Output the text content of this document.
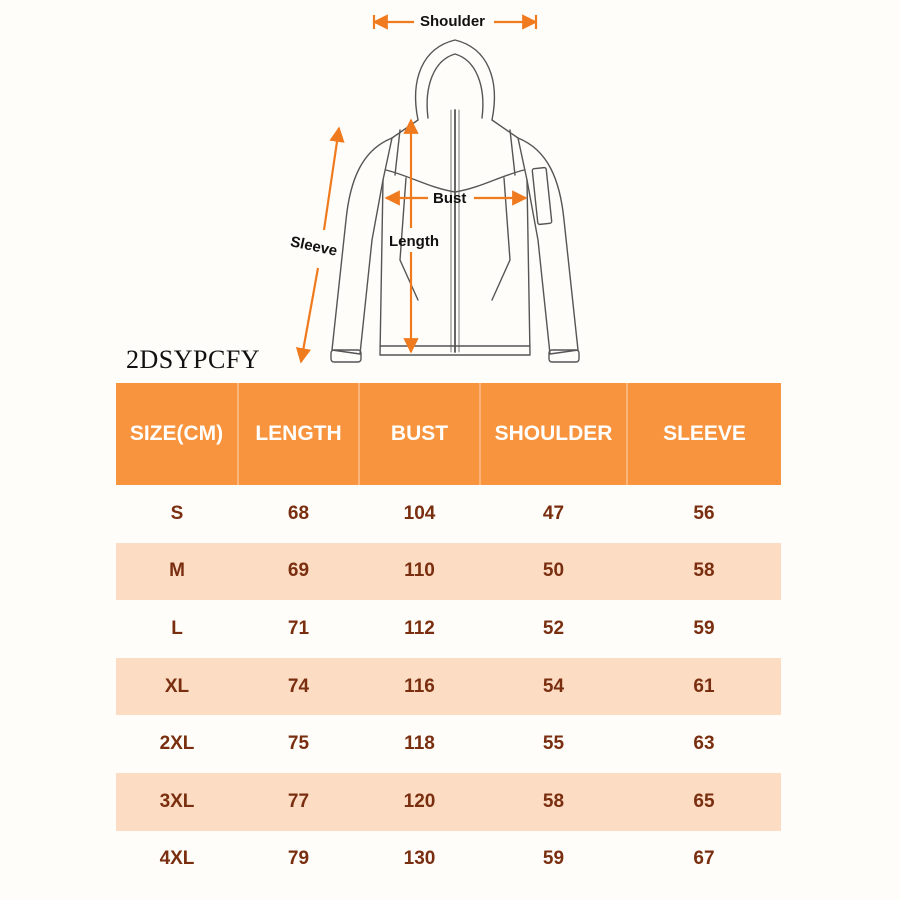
Shoulder
Bust
Length
Sleeve
2DSYPCFY
SIZE(CM)	LENGTH	BUST	SHOULDER	SLEEVE
S	68	104	47	56
M	69	110	50	58
L	71	112	52	59
XL	74	116	54	61
2XL	75	118	55	63
3XL	77	120	58	65
4XL	79	130	59	67
